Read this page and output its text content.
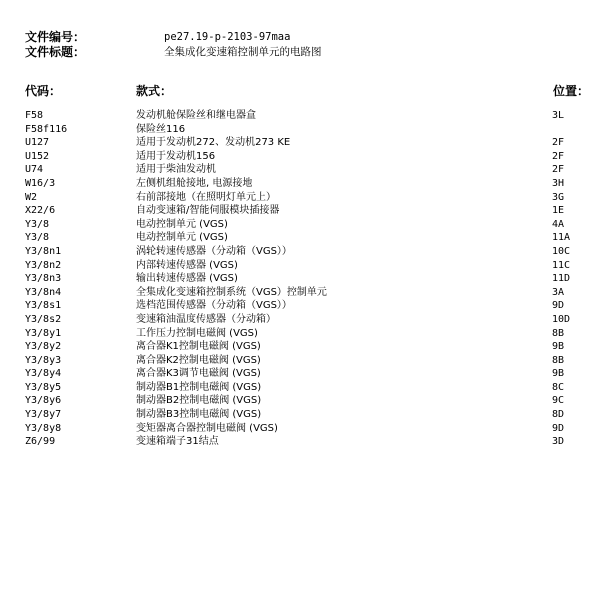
文件编号：	pe27.19-p-2103-97maa
文件标题：	全集成化变速箱控制单元的电路图
代码：	款式：	位置：
F58	发动机舱保险丝和继电器盒	3L
F58f116	保险丝116
U127	适用于发动机272、发动机273 KE	2F
U152	适用于发动机156	2F
U74	适用于柴油发动机	2F
W16/3	左侧机组舱接地, 电源接地	3H
W2	右前部接地（在照明灯单元上）	3G
X22/6	自动变速箱/智能伺服模块插接器	1E
Y3/8	电动控制单元 (VGS)	4A
Y3/8	电动控制单元 (VGS)	11A
Y3/8n1	涡轮转速传感器（分动箱（VGS））	10C
Y3/8n2	内部转速传感器 (VGS)	11C
Y3/8n3	输出转速传感器 (VGS)	11D
Y3/8n4	全集成化变速箱控制系统（VGS）控制单元	3A
Y3/8s1	选档范围传感器（分动箱（VGS））	9D
Y3/8s2	变速箱油温度传感器（分动箱）	10D
Y3/8y1	工作压力控制电磁阀 (VGS)	8B
Y3/8y2	离合器K1控制电磁阀 (VGS)	9B
Y3/8y3	离合器K2控制电磁阀 (VGS)	8B
Y3/8y4	离合器K3调节电磁阀 (VGS)	9B
Y3/8y5	制动器B1控制电磁阀 (VGS)	8C
Y3/8y6	制动器B2控制电磁阀 (VGS)	9C
Y3/8y7	制动器B3控制电磁阀 (VGS)	8D
Y3/8y8	变矩器离合器控制电磁阀 (VGS)	9D
Z6/99	变速箱端子31结点	3D
